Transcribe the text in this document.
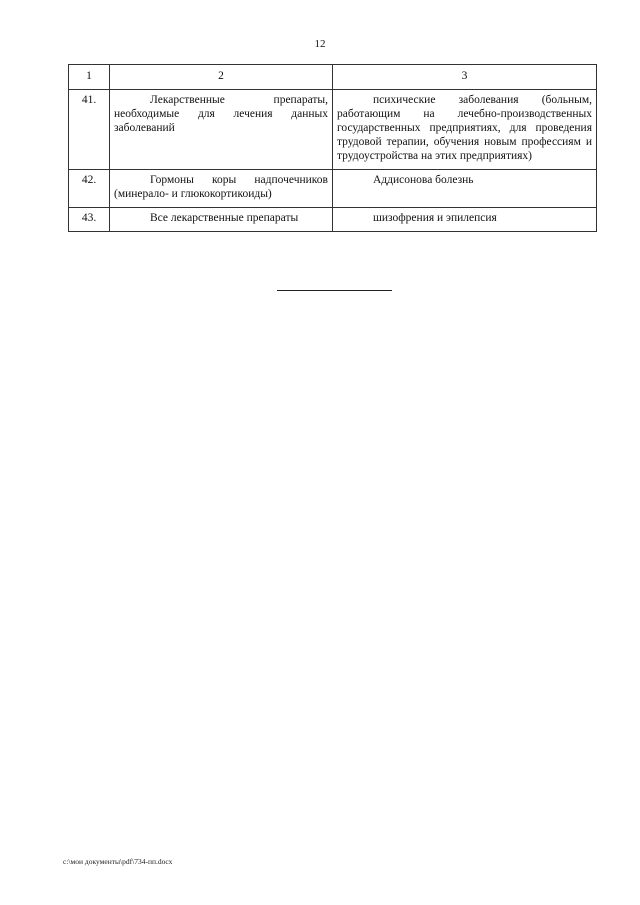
12
1	2	3
41.	Лекарственные препараты, необходимые для лечения данных заболеваний	психические заболевания (больным, работающим на лечебно-производственных государственных предприятиях, для проведения трудовой терапии, обучения новым профессиям и трудоустройства на этих предприятиях)
42.	Гормоны коры надпочечников (минерало- и глюкокортикоиды)	Аддисонова болезнь
43.	Все лекарственные препараты	шизофрения и эпилепсия
c:\мои документы\pdf\734-пп.docx
